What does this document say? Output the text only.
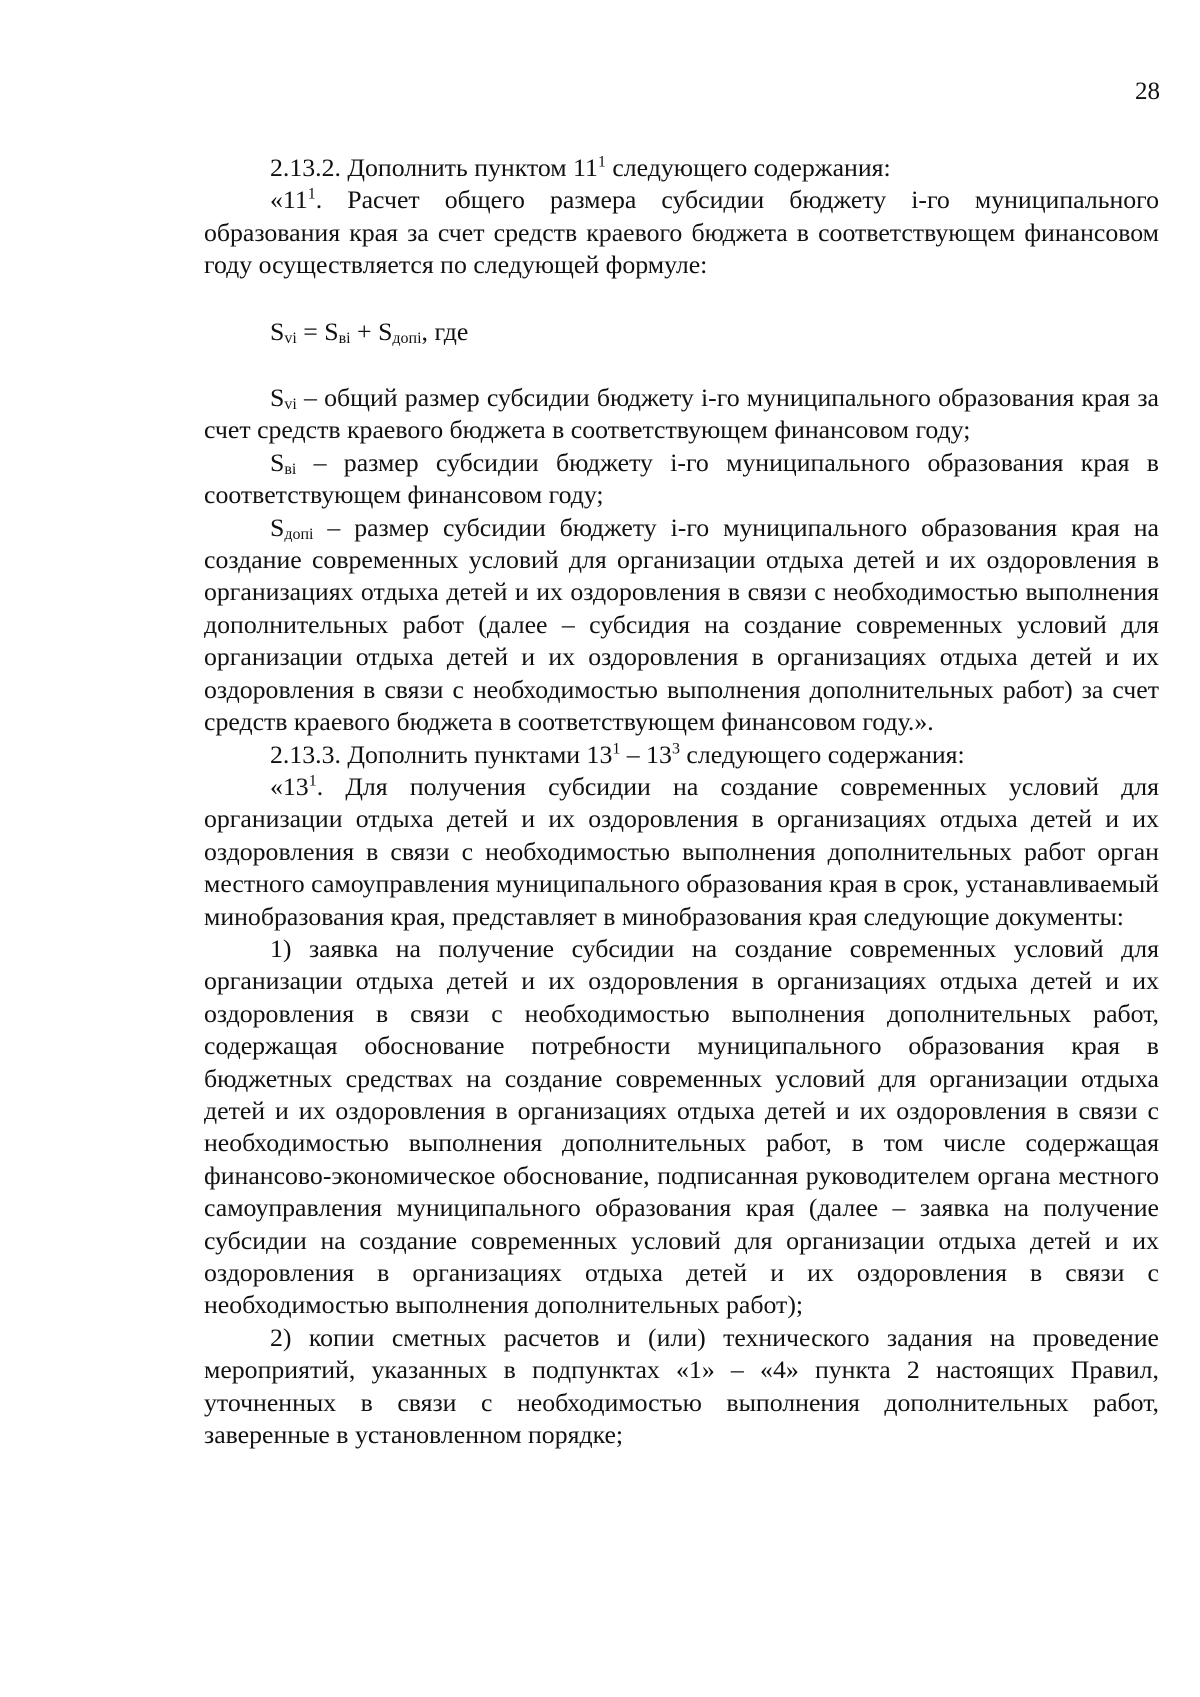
28

2.13.2. Дополнить пунктом $11^1$ следующего содержания:

«$11^1$. Расчет общего размера субсидии бюджету i-го муниципального образования края за счет средств краевого бюджета в соответствующем финансовом году осуществляется по следующей формуле:

$S_{vi} = S_{вi} + S_{допi}$, где

$S_{vi}$ – общий размер субсидии бюджету i-го муниципального образования края за счет средств краевого бюджета в соответствующем финансовом году;

$S_{вi}$ – размер субсидии бюджету i-го муниципального образования края в соответствующем финансовом году;

$S_{допi}$ – размер субсидии бюджету i-го муниципального образования края на создание современных условий для организации отдыха детей и их оздоровления в организациях отдыха детей и их оздоровления в связи с необходимостью выполнения дополнительных работ (далее – субсидия на создание современных условий для организации отдыха детей и их оздоровления в организациях отдыха детей и их оздоровления в связи с необходимостью выполнения дополнительных работ) за счет средств краевого бюджета в соответствующем финансовом году.».

2.13.3. Дополнить пунктами $13^1 - 13^3$ следующего содержания:

«$13^1$. Для получения субсидии на создание современных условий для организации отдыха детей и их оздоровления в организациях отдыха детей и их оздоровления в связи с необходимостью выполнения дополнительных работ орган местного самоуправления муниципального образования края в срок, устанавливаемый минобразования края, представляет в минобразования края следующие документы:

1) заявка на получение субсидии на создание современных условий для организации отдыха детей и их оздоровления в организациях отдыха детей и их оздоровления в связи с необходимостью выполнения дополнительных работ, содержащая обоснование потребности муниципального образования края в бюджетных средствах на создание современных условий для организации отдыха детей и их оздоровления в организациях отдыха детей и их оздоровления в связи с необходимостью выполнения дополнительных работ, в том числе содержащая финансово-экономическое обоснование, подписанная руководителем органа местного самоуправления муниципального образования края (далее – заявка на получение субсидии на создание современных условий для организации отдыха детей и их оздоровления в организациях отдыха детей и их оздоровления в связи с необходимостью выполнения дополнительных работ);

2) копии сметных расчетов и (или) технического задания на проведение мероприятий, указанных в подпунктах «1» – «4» пункта 2 настоящих Правил, уточненных в связи с необходимостью выполнения дополнительных работ, заверенные в установленном порядке;
